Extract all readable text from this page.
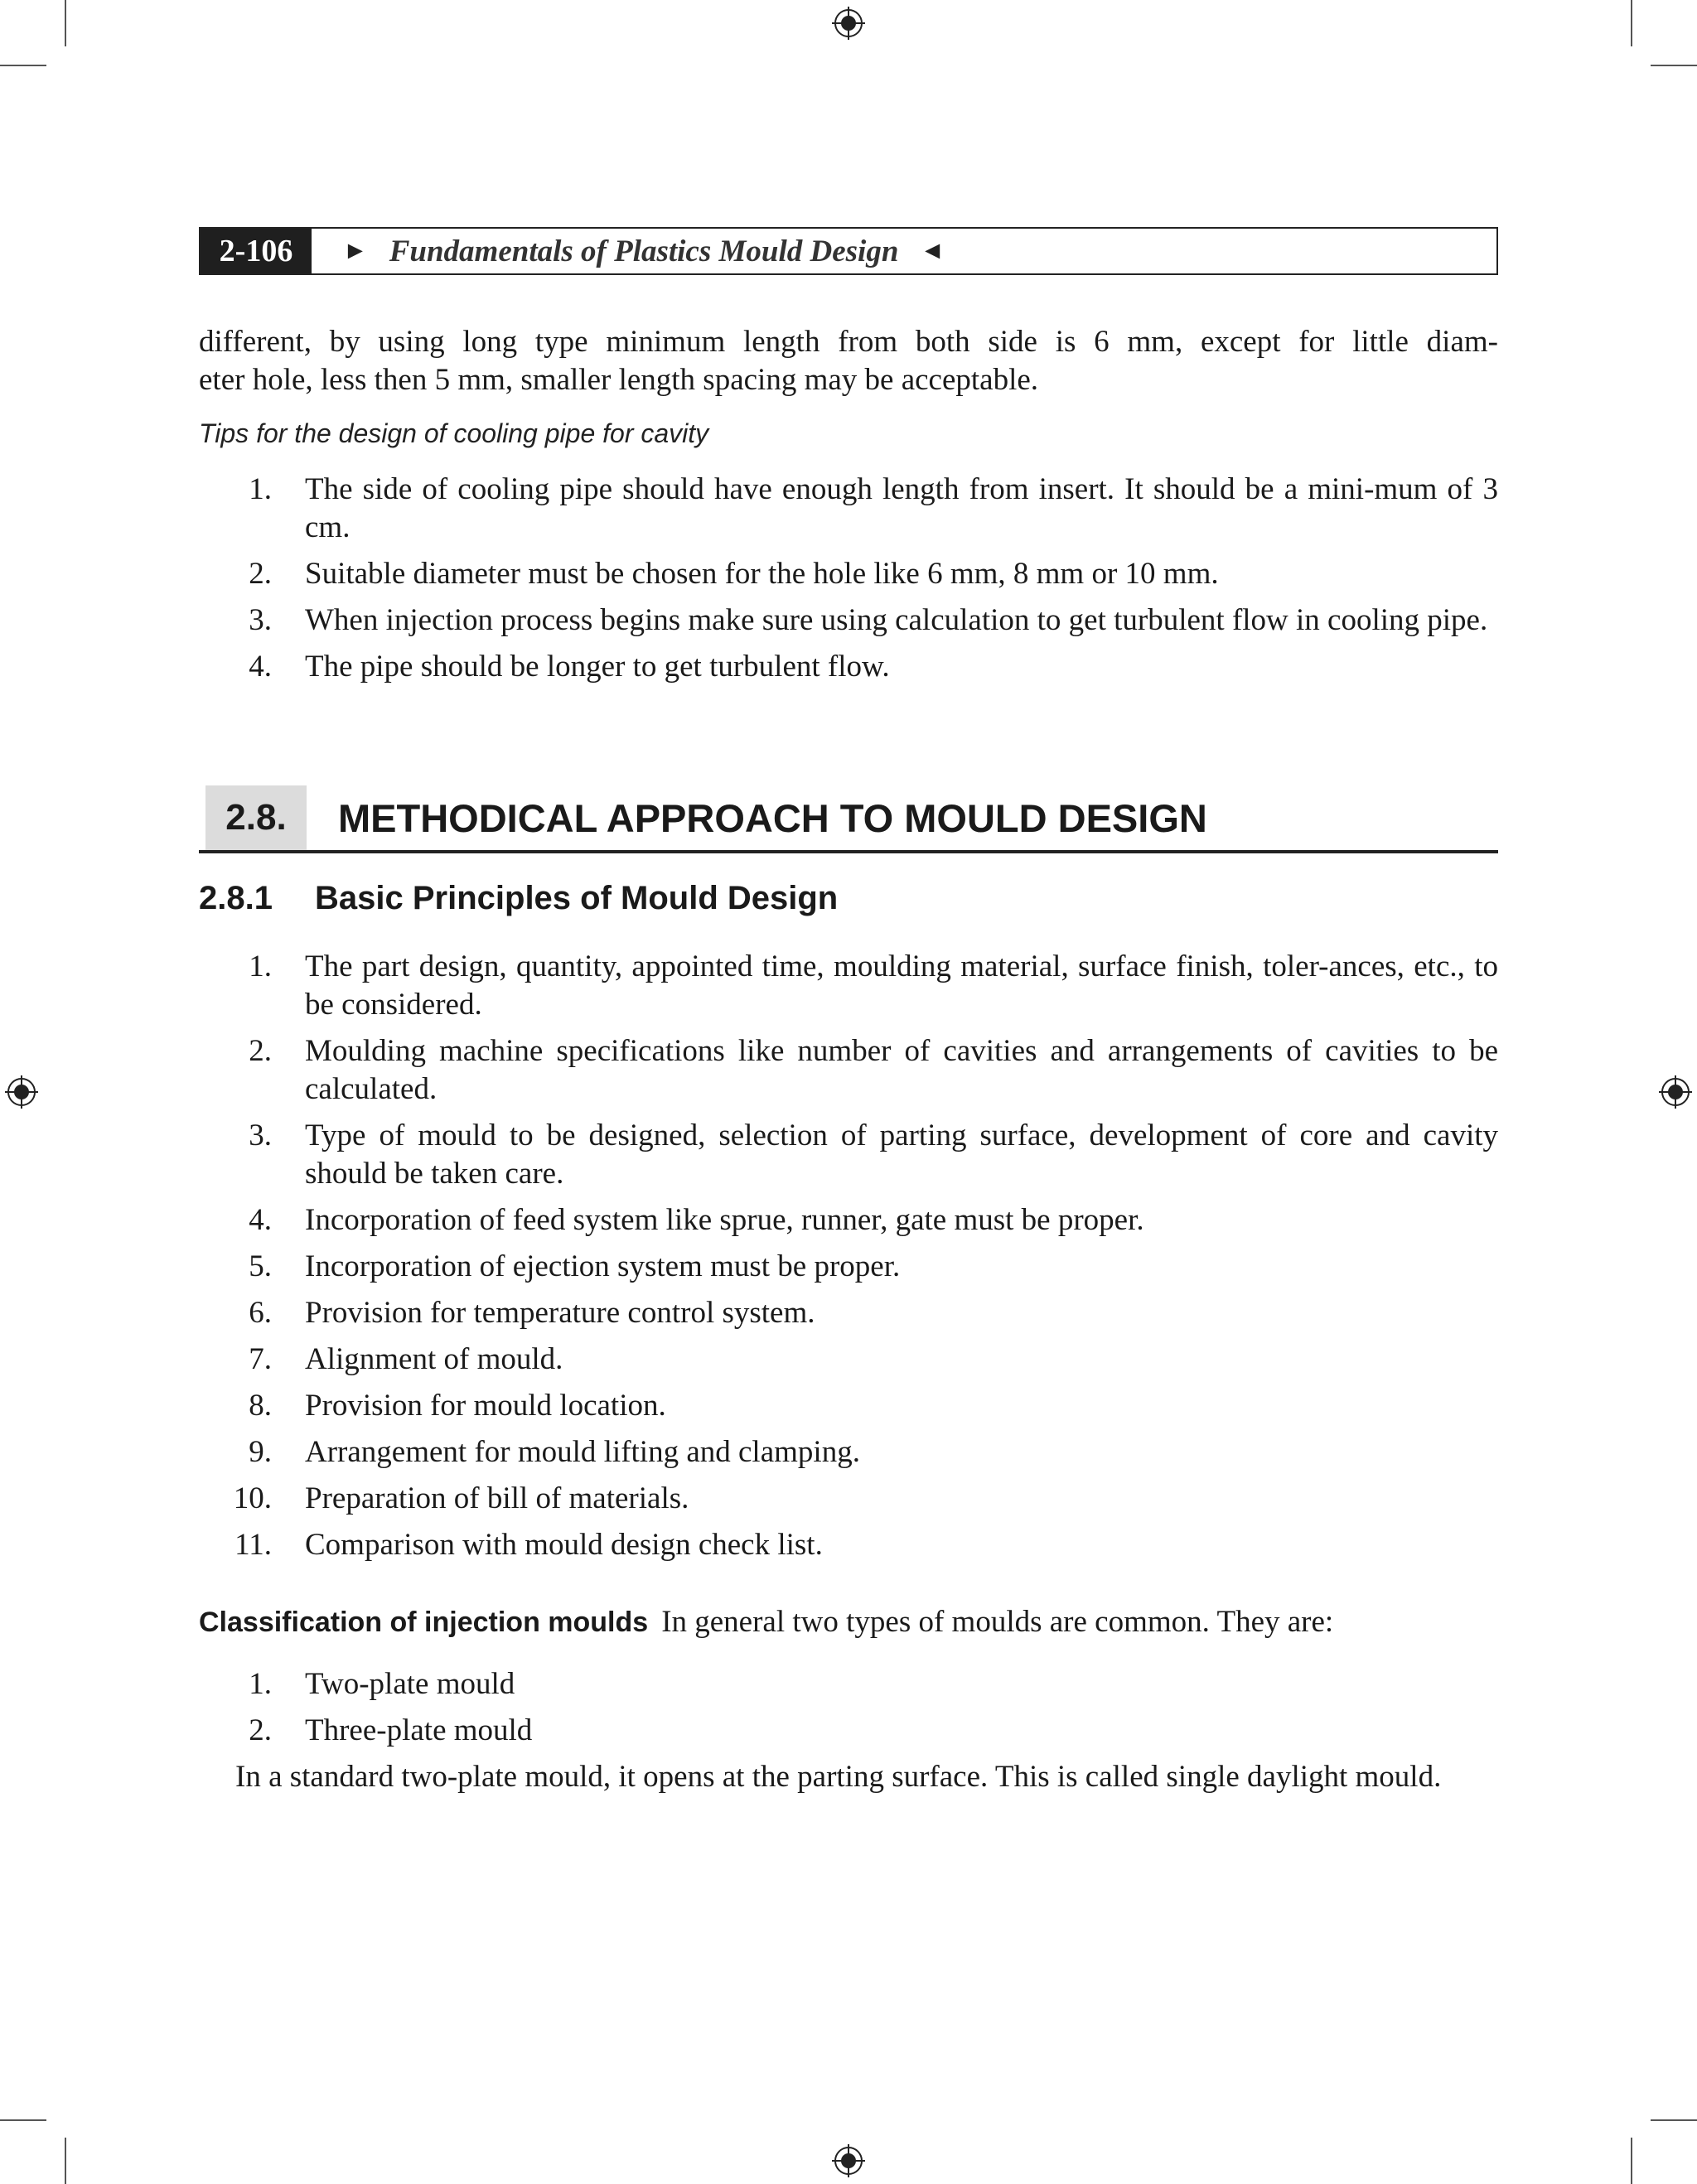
2-106	► Fundamentals of Plastics Mould Design ◄
different, by using long type minimum length from both side is 6 mm, except for little diam-
eter hole, less then 5 mm, smaller length spacing may be acceptable.
Tips for the design of cooling pipe for cavity
1.	The side of cooling pipe should have enough length from insert. It should be a mini-mum of 3 cm.
2.	Suitable diameter must be chosen for the hole like 6 mm, 8 mm or 10 mm.
3.	When injection process begins make sure using calculation to get turbulent flow in cooling pipe.
4.	The pipe should be longer to get turbulent flow.
2.8.	METHODICAL APPROACH TO MOULD DESIGN
2.8.1	Basic Principles of Mould Design
1.	The part design, quantity, appointed time, moulding material, surface finish, toler-ances, etc., to be considered.
2.	Moulding machine specifications like number of cavities and arrangements of cavities to be calculated.
3.	Type of mould to be designed, selection of parting surface, development of core and cavity should be taken care.
4.	Incorporation of feed system like sprue, runner, gate must be proper.
5.	Incorporation of ejection system must be proper.
6.	Provision for temperature control system.
7.	Alignment of mould.
8.	Provision for mould location.
9.	Arrangement for mould lifting and clamping.
10.	Preparation of bill of materials.
11.	Comparison with mould design check list.
Classification of injection moulds In general two types of moulds are common. They are:
1.	Two-plate mould
2.	Three-plate mould
In a standard two-plate mould, it opens at the parting surface. This is called single daylight mould.
